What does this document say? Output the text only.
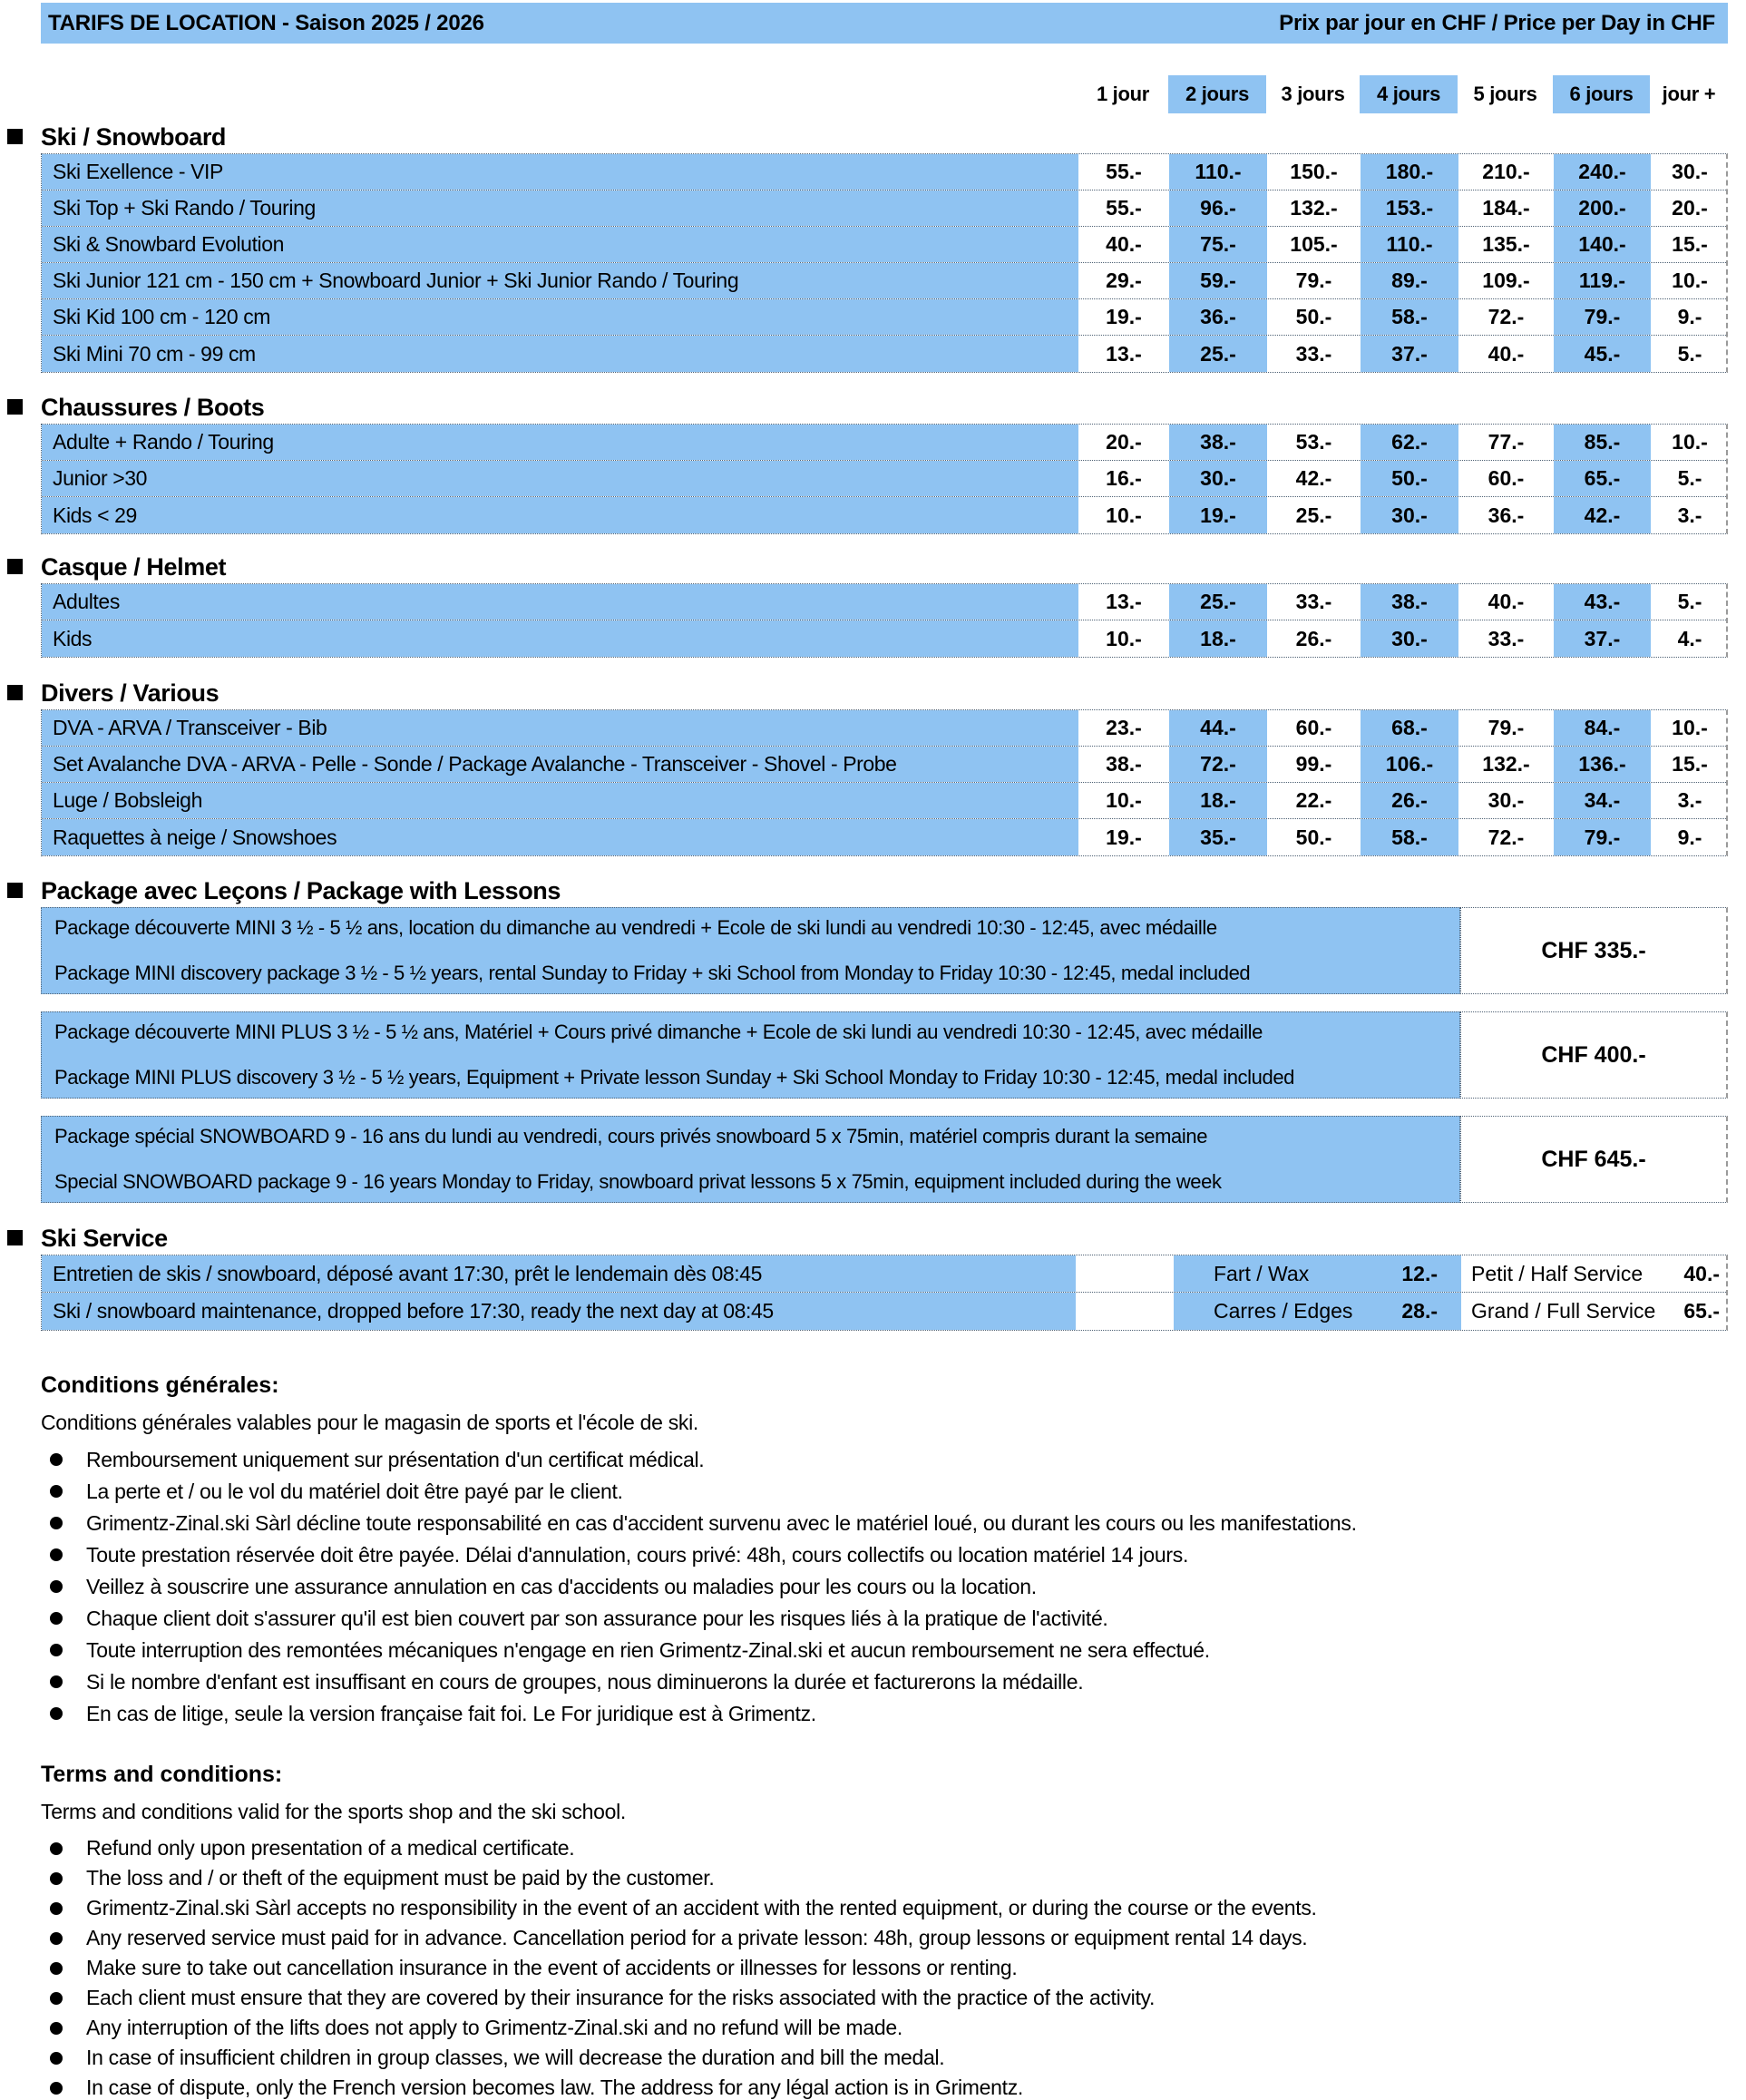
TARIFS DE LOCATION - Saison 2025 / 2026	Prix par jour en CHF / Price per Day in CHF
1 jour	2 jours	3 jours	4 jours	5 jours	6 jours	jour +
Ski / Snowboard
Ski Exellence - VIP	55.-	110.-	150.-	180.-	210.-	240.-	30.-
Ski Top + Ski Rando / Touring	55.-	96.-	132.-	153.-	184.-	200.-	20.-
Ski & Snowbard Evolution	40.-	75.-	105.-	110.-	135.-	140.-	15.-
Ski Junior 121 cm - 150 cm + Snowboard Junior + Ski Junior Rando / Touring	29.-	59.-	79.-	89.-	109.-	119.-	10.-
Ski Kid 100 cm - 120 cm	19.-	36.-	50.-	58.-	72.-	79.-	9.-
Ski Mini 70 cm - 99 cm	13.-	25.-	33.-	37.-	40.-	45.-	5.-
Chaussures / Boots
Adulte + Rando / Touring	20.-	38.-	53.-	62.-	77.-	85.-	10.-
Junior >30	16.-	30.-	42.-	50.-	60.-	65.-	5.-
Kids < 29	10.-	19.-	25.-	30.-	36.-	42.-	3.-
Casque / Helmet
Adultes	13.-	25.-	33.-	38.-	40.-	43.-	5.-
Kids	10.-	18.-	26.-	30.-	33.-	37.-	4.-
Divers / Various
DVA - ARVA / Transceiver - Bib	23.-	44.-	60.-	68.-	79.-	84.-	10.-
Set Avalanche DVA - ARVA - Pelle - Sonde / Package Avalanche - Transceiver - Shovel - Probe	38.-	72.-	99.-	106.-	132.-	136.-	15.-
Luge / Bobsleigh	10.-	18.-	22.-	26.-	30.-	34.-	3.-
Raquettes à neige / Snowshoes	19.-	35.-	50.-	58.-	72.-	79.-	9.-
Package avec Leçons / Package with Lessons
Package découverte MINI 3 ½ - 5 ½ ans, location du dimanche au vendredi + Ecole de ski lundi au vendredi 10:30 - 12:45, avec médaille
Package MINI discovery package 3 ½ - 5 ½ years, rental Sunday to Friday + ski School from Monday to Friday 10:30 - 12:45, medal included
CHF 335.-
Package découverte MINI PLUS 3 ½ - 5 ½ ans, Matériel + Cours privé dimanche + Ecole de ski lundi au vendredi 10:30 - 12:45, avec médaille
Package MINI PLUS discovery 3 ½ - 5 ½ years, Equipment + Private lesson Sunday + Ski School Monday to Friday 10:30 - 12:45, medal included
CHF 400.-
Package spécial SNOWBOARD 9 - 16 ans du lundi au vendredi, cours privés snowboard 5 x 75min, matériel compris durant la semaine
Special SNOWBOARD package 9 - 16 years Monday to Friday, snowboard privat lessons 5 x 75min, equipment included during the week
CHF 645.-
Ski Service
Entretien de skis / snowboard, déposé avant 17:30, prêt le lendemain dès 08:45	Fart / Wax	12.- Petit / Half Service 40.-
Ski / snowboard maintenance, dropped before 17:30, ready the next day at 08:45	Carres / Edges 28.- Grand / Full Service 65.-
Conditions générales:
Conditions générales valables pour le magasin de sports et l'école de ski.
Remboursement uniquement sur présentation d'un certificat médical.
La perte et / ou le vol du matériel doit être payé par le client.
Grimentz-Zinal.ski Sàrl décline toute responsabilité en cas d'accident survenu avec le matériel loué, ou durant les cours ou les manifestations.
Toute prestation réservée doit être payée. Délai d'annulation, cours privé: 48h, cours collectifs ou location matériel 14 jours.
Veillez à souscrire une assurance annulation en cas d'accidents ou maladies pour les cours ou la location.
Chaque client doit s'assurer qu'il est bien couvert par son assurance pour les risques liés à la pratique de l'activité.
Toute interruption des remontées mécaniques n'engage en rien Grimentz-Zinal.ski et aucun remboursement ne sera effectué.
Si le nombre d'enfant est insuffisant en cours de groupes, nous diminuerons la durée et facturerons la médaille.
En cas de litige, seule la version française fait foi. Le For juridique est à Grimentz.
Terms and conditions:
Terms and conditions valid for the sports shop and the ski school.
Refund only upon presentation of a medical certificate.
The loss and / or theft of the equipment must be paid by the customer.
Grimentz-Zinal.ski Sàrl accepts no responsibility in the event of an accident with the rented equipment, or during the course or the events.
Any reserved service must paid for in advance. Cancellation period for a private lesson: 48h, group lessons or equipment rental 14 days.
Make sure to take out cancellation insurance in the event of accidents or illnesses for lessons or renting.
Each client must ensure that they are covered by their insurance for the risks associated with the practice of the activity.
Any interruption of the lifts does not apply to Grimentz-Zinal.ski and no refund will be made.
In case of insufficient children in group classes, we will decrease the duration and bill the medal.
In case of dispute, only the French version becomes law. The address for any légal action is in Grimentz.
